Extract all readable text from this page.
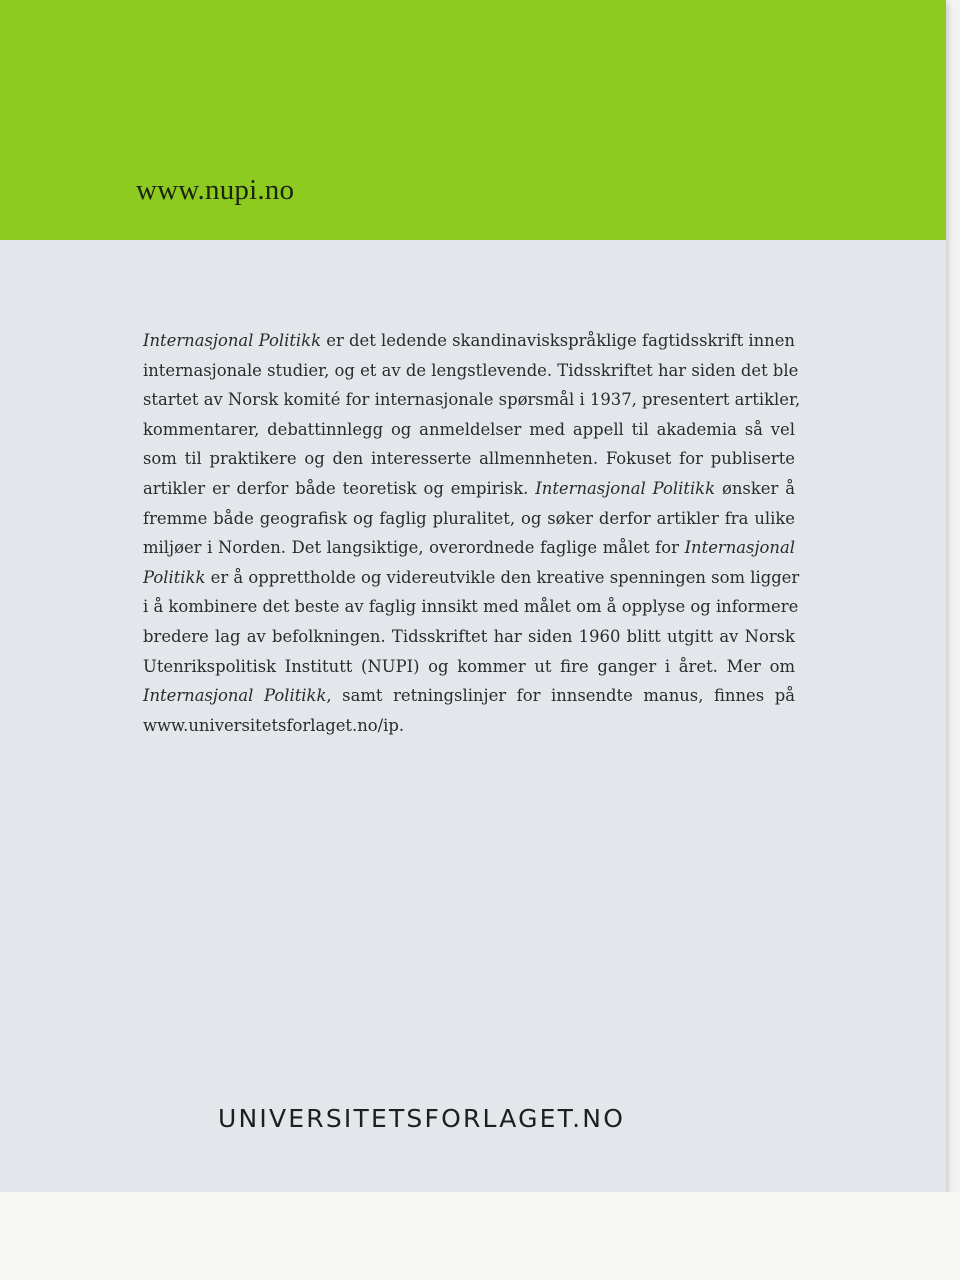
www.nupi.no
Internasjonal Politikk er det ledende skandinaviskspråklige fagtidsskrift innen
internasjonale studier, og et av de lengstlevende. Tidsskriftet har siden det ble
startet av Norsk komité for internasjonale spørsmål i 1937, presentert artikler,
kommentarer, debattinnlegg og anmeldelser med appell til akademia så vel
som til praktikere og den interesserte allmennheten. Fokuset for publiserte
artikler er derfor både teoretisk og empirisk. Internasjonal Politikk ønsker å
fremme både geografisk og faglig pluralitet, og søker derfor artikler fra ulike
miljøer i Norden. Det langsiktige, overordnede faglige målet for Internasjonal
Politikk er å opprettholde og videreutvikle den kreative spenningen som ligger
i å kombinere det beste av faglig innsikt med målet om å opplyse og informere
bredere lag av befolkningen. Tidsskriftet har siden 1960 blitt utgitt av Norsk
Utenrikspolitisk Institutt (NUPI) og kommer ut fire ganger i året. Mer om
Internasjonal Politikk, samt retningslinjer for innsendte manus, finnes på
www.universitetsforlaget.no/ip.
UNIVERSITETSFORLAGET.NO
